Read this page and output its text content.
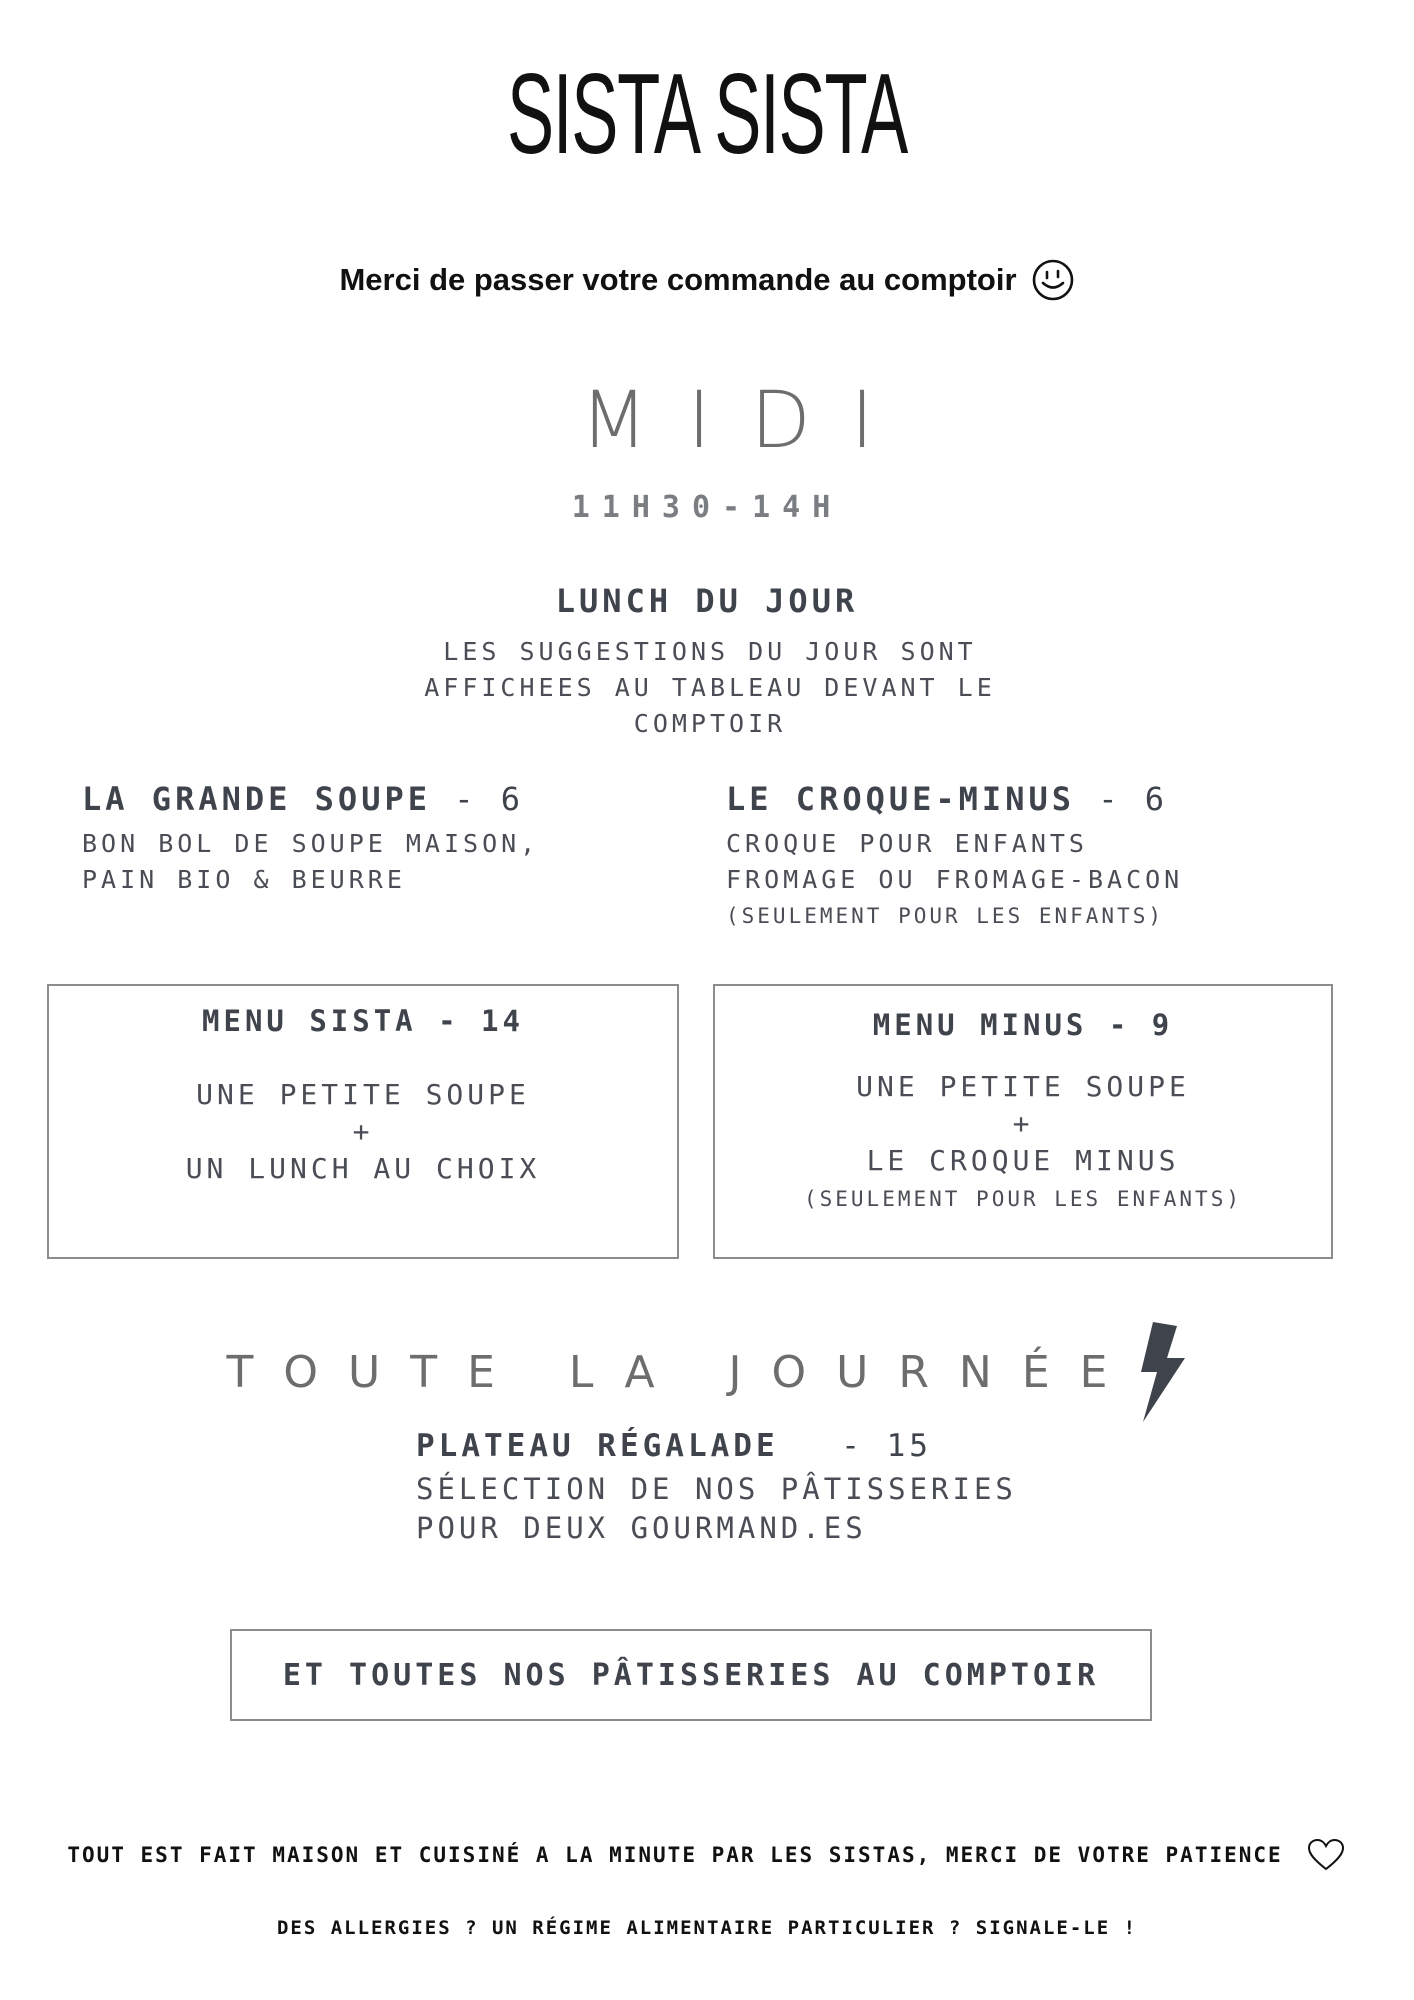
SISTA SISTA
Merci de passer votre commande au comptoir
MIDI
11H30-14H
LUNCH DU JOUR
LES SUGGESTIONS DU JOUR SONT
AFFICHEES AU TABLEAU DEVANT LE
COMPTOIR
LA GRANDE SOUPE - 6
BON BOL DE SOUPE MAISON,
PAIN BIO & BEURRE
LE CROQUE-MINUS - 6
CROQUE POUR ENFANTS
FROMAGE OU FROMAGE-BACON
(SEULEMENT POUR LES ENFANTS)
MENU SISTA - 14
UNE PETITE SOUPE
+
UN LUNCH AU CHOIX
MENU MINUS - 9
UNE PETITE SOUPE
+
LE CROQUE MINUS
(SEULEMENT POUR LES ENFANTS)
TOUTE LA JOURNÉE
PLATEAU RÉGALADE - 15
SÉLECTION DE NOS PÂTISSERIES
POUR DEUX GOURMAND.ES
ET TOUTES NOS PÂTISSERIES AU COMPTOIR
TOUT EST FAIT MAISON ET CUISINÉ A LA MINUTE PAR LES SISTAS, MERCI DE VOTRE PATIENCE
DES ALLERGIES ? UN RÉGIME ALIMENTAIRE PARTICULIER ? SIGNALE-LE !
